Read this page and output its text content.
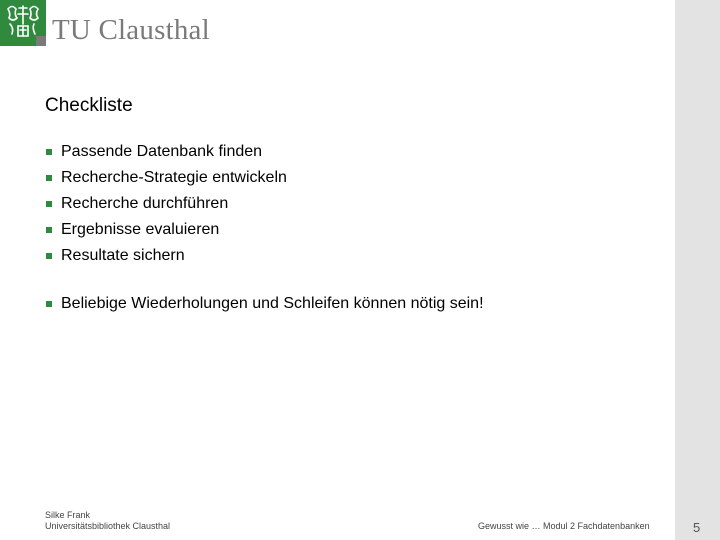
TU Clausthal
Checkliste
Passende Datenbank finden
Recherche-Strategie entwickeln
Recherche durchführen
Ergebnisse evaluieren
Resultate sichern
Beliebige Wiederholungen und Schleifen können nötig sein!
Silke Frank
Universitätsbibliothek Clausthal	Gewusst wie … Modul 2 Fachdatenbanken	5
